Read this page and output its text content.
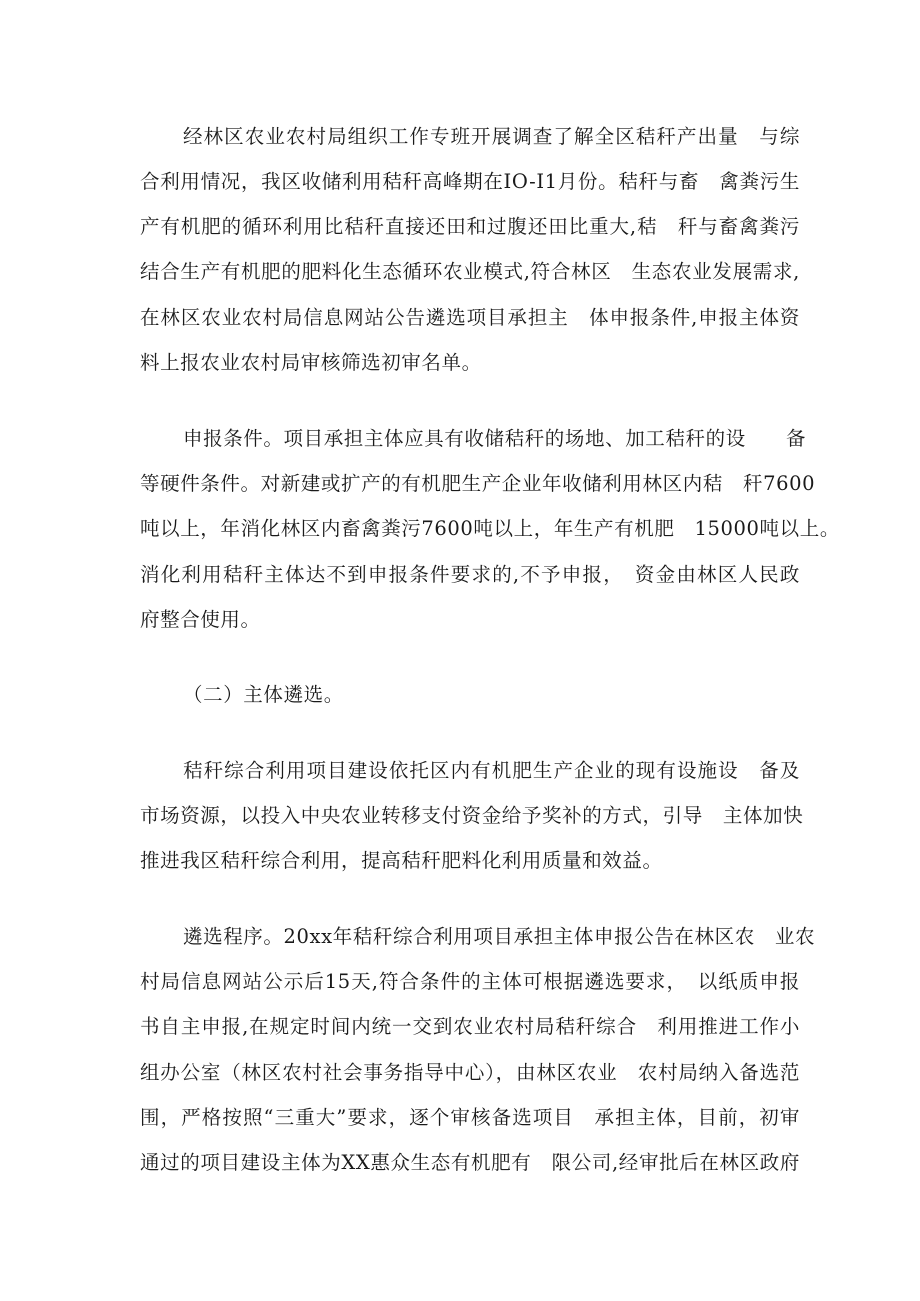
经林区农业农村局组织工作专班开展调查了解全区秸秆产出量　与综
合利用情况，我区收储利用秸秆高峰期在IO-I1月份。秸秆与畜　禽粪污生
产有机肥的循环利用比秸秆直接还田和过腹还田比重大,秸　秆与畜禽粪污
结合生产有机肥的肥料化生态循环农业模式,符合林区　生态农业发展需求,
在林区农业农村局信息网站公告遴选项目承担主　体申报条件,申报主体资
料上报农业农村局审核筛选初审名单。
申报条件。项目承担主体应具有收储秸秆的场地、加工秸秆的设　　备
等硬件条件。对新建或扩产的有机肥生产企业年收储利用林区内秸　秆7600
吨以上，年消化林区内畜禽粪污7600吨以上，年生产有机肥　15000吨以上。
消化利用秸秆主体达不到申报条件要求的,不予申报，　资金由林区人民政
府整合使用。
（二）主体遴选。
秸秆综合利用项目建设依托区内有机肥生产企业的现有设施设　备及
市场资源，以投入中央农业转移支付资金给予奖补的方式，引导　主体加快
推进我区秸秆综合利用，提高秸秆肥料化利用质量和效益。
遴选程序。20xx年秸秆综合利用项目承担主体申报公告在林区农　业农
村局信息网站公示后15天,符合条件的主体可根据遴选要求，　以纸质申报
书自主申报,在规定时间内统一交到农业农村局秸秆综合　利用推进工作小
组办公室（林区农村社会事务指导中心），由林区农业　农村局纳入备选范
围，严格按照“三重大”要求，逐个审核备选项目　承担主体，目前，初审
通过的项目建设主体为XX惠众生态有机肥有　限公司,经审批后在林区政府
